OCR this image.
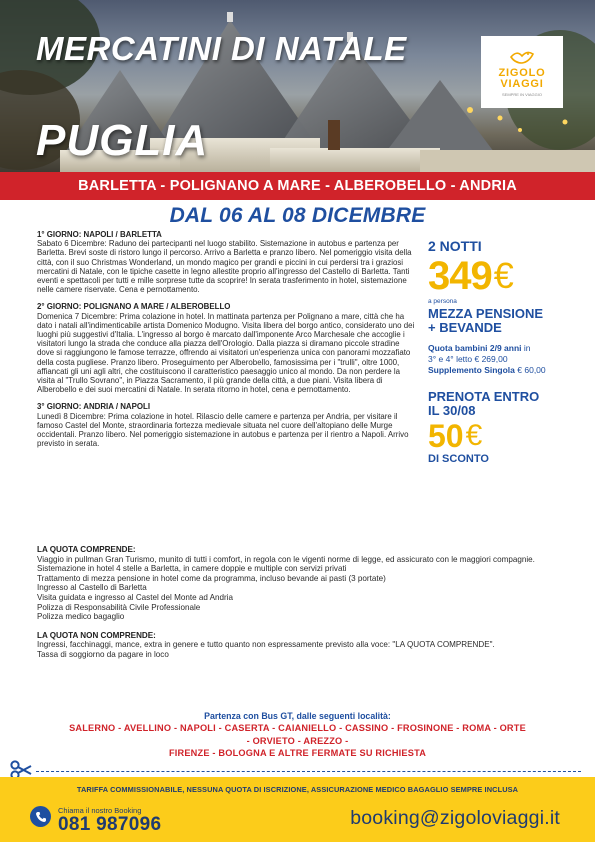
MERCATINI DI NATALE
PUGLIA
ZIGOLO
VIAGGI
SEMPRE IN VIAGGIO
BARLETTA - POLIGNANO A MARE - ALBEROBELLO - ANDRIA
DAL 06 AL 08 DICEMBRE
1° GIORNO: NAPOLI / BARLETTA
Sabato 6 Dicembre: Raduno dei partecipanti nel luogo stabilito. Sistemazione in autobus e partenza per Barletta. Brevi soste di ristoro lungo il percorso. Arrivo a Barletta e pranzo libero. Nel pomeriggio visita della città, con il suo Christmas Wonderland, un mondo magico per grandi e piccini in cui perdersi tra i graziosi mercatini di Natale, con le tipiche casette in legno allestite proprio all'ingresso del Castello di Barletta. Tanti eventi e spettacoli per tutti e mille sorprese tutte da scoprire! In serata trasferimento in hotel, sistemazione nelle camere riservate. Cena e pernottamento.
2° GIORNO: POLIGNANO A MARE / ALBEROBELLO
Domenica 7 Dicembre: Prima colazione in hotel. In mattinata partenza per Polignano a mare, città che ha dato i natali all'indimenticabile artista Domenico Modugno. Visita libera del borgo antico, considerato uno dei luoghi più suggestivi d'Italia. L'ingresso al borgo è marcato dall'imponente Arco Marchesale che accoglie i visitatori lungo la strada che conduce alla piazza dell'Orologio. Dalla piazza si diramano piccole stradine dove si raggiungono le famose terrazze, offrendo ai visitatori un'esperienza unica con panorami mozzafiato della costa pugliese. Pranzo libero. Proseguimento per Alberobello, famosissima per i "trulli", oltre 1000, affiancati gli uni agli altri, che costituiscono il caratteristico paesaggio unico al mondo. Da non perdere la visita al "Trullo Sovrano", in Piazza Sacramento, il più grande della città, a due piani. Visita libera di Alberobello e dei suoi mercatini di Natale. In serata ritorno in hotel, cena e pernottamento.
3° GIORNO: ANDRIA / NAPOLI
Lunedì 8 Dicembre: Prima colazione in hotel. Rilascio delle camere e partenza per Andria, per visitare il famoso Castel del Monte, straordinaria fortezza medievale situata nel cuore dell'altopiano delle Murge occidentali. Pranzo libero. Nel pomeriggio sistemazione in autobus e partenza per il rientro a Napoli. Arrivo previsto in serata.
2 NOTTI
349 €
a persona
MEZZA PENSIONE
+ BEVANDE
Quota bambini 2/9 anni in
3° e 4° letto € 269,00
Supplemento Singola € 60,00
PRENOTA ENTRO
IL 30/08
50 €
DI SCONTO
LA QUOTA COMPRENDE:
Viaggio in pullman Gran Turismo, munito di tutti i comfort, in regola con le vigenti norme di legge, ed assicurato con le maggiori compagnie.
Sistemazione in hotel 4 stelle a Barletta, in camere doppie e multiple con servizi privati
Trattamento di mezza pensione in hotel come da programma, incluso bevande ai pasti (3 portate)
Ingresso al Castello di Barletta
Visita guidata e ingresso al Castel del Monte ad Andria
Polizza di Responsabilità Civile Professionale
Polizza medico bagaglio
LA QUOTA NON COMPRENDE:
Ingressi, facchinaggi, mance, extra in genere e tutto quanto non espressamente previsto alla voce: "LA QUOTA COMPRENDE".
Tassa di soggiorno da pagare in loco
Partenza con Bus GT, dalle seguenti località:
SALERNO - AVELLINO - NAPOLI - CASERTA - CAIANIELLO - CASSINO - FROSINONE - ROMA - ORTE
- ORVIETO - AREZZO -
FIRENZE - BOLOGNA E ALTRE FERMATE SU RICHIESTA
TARIFFA COMMISSIONABILE, NESSUNA QUOTA DI ISCRIZIONE, ASSICURAZIONE MEDICO BAGAGLIO SEMPRE INCLUSA
Chiama il nostro Booking
081 987096	booking@zigoloviaggi.it
